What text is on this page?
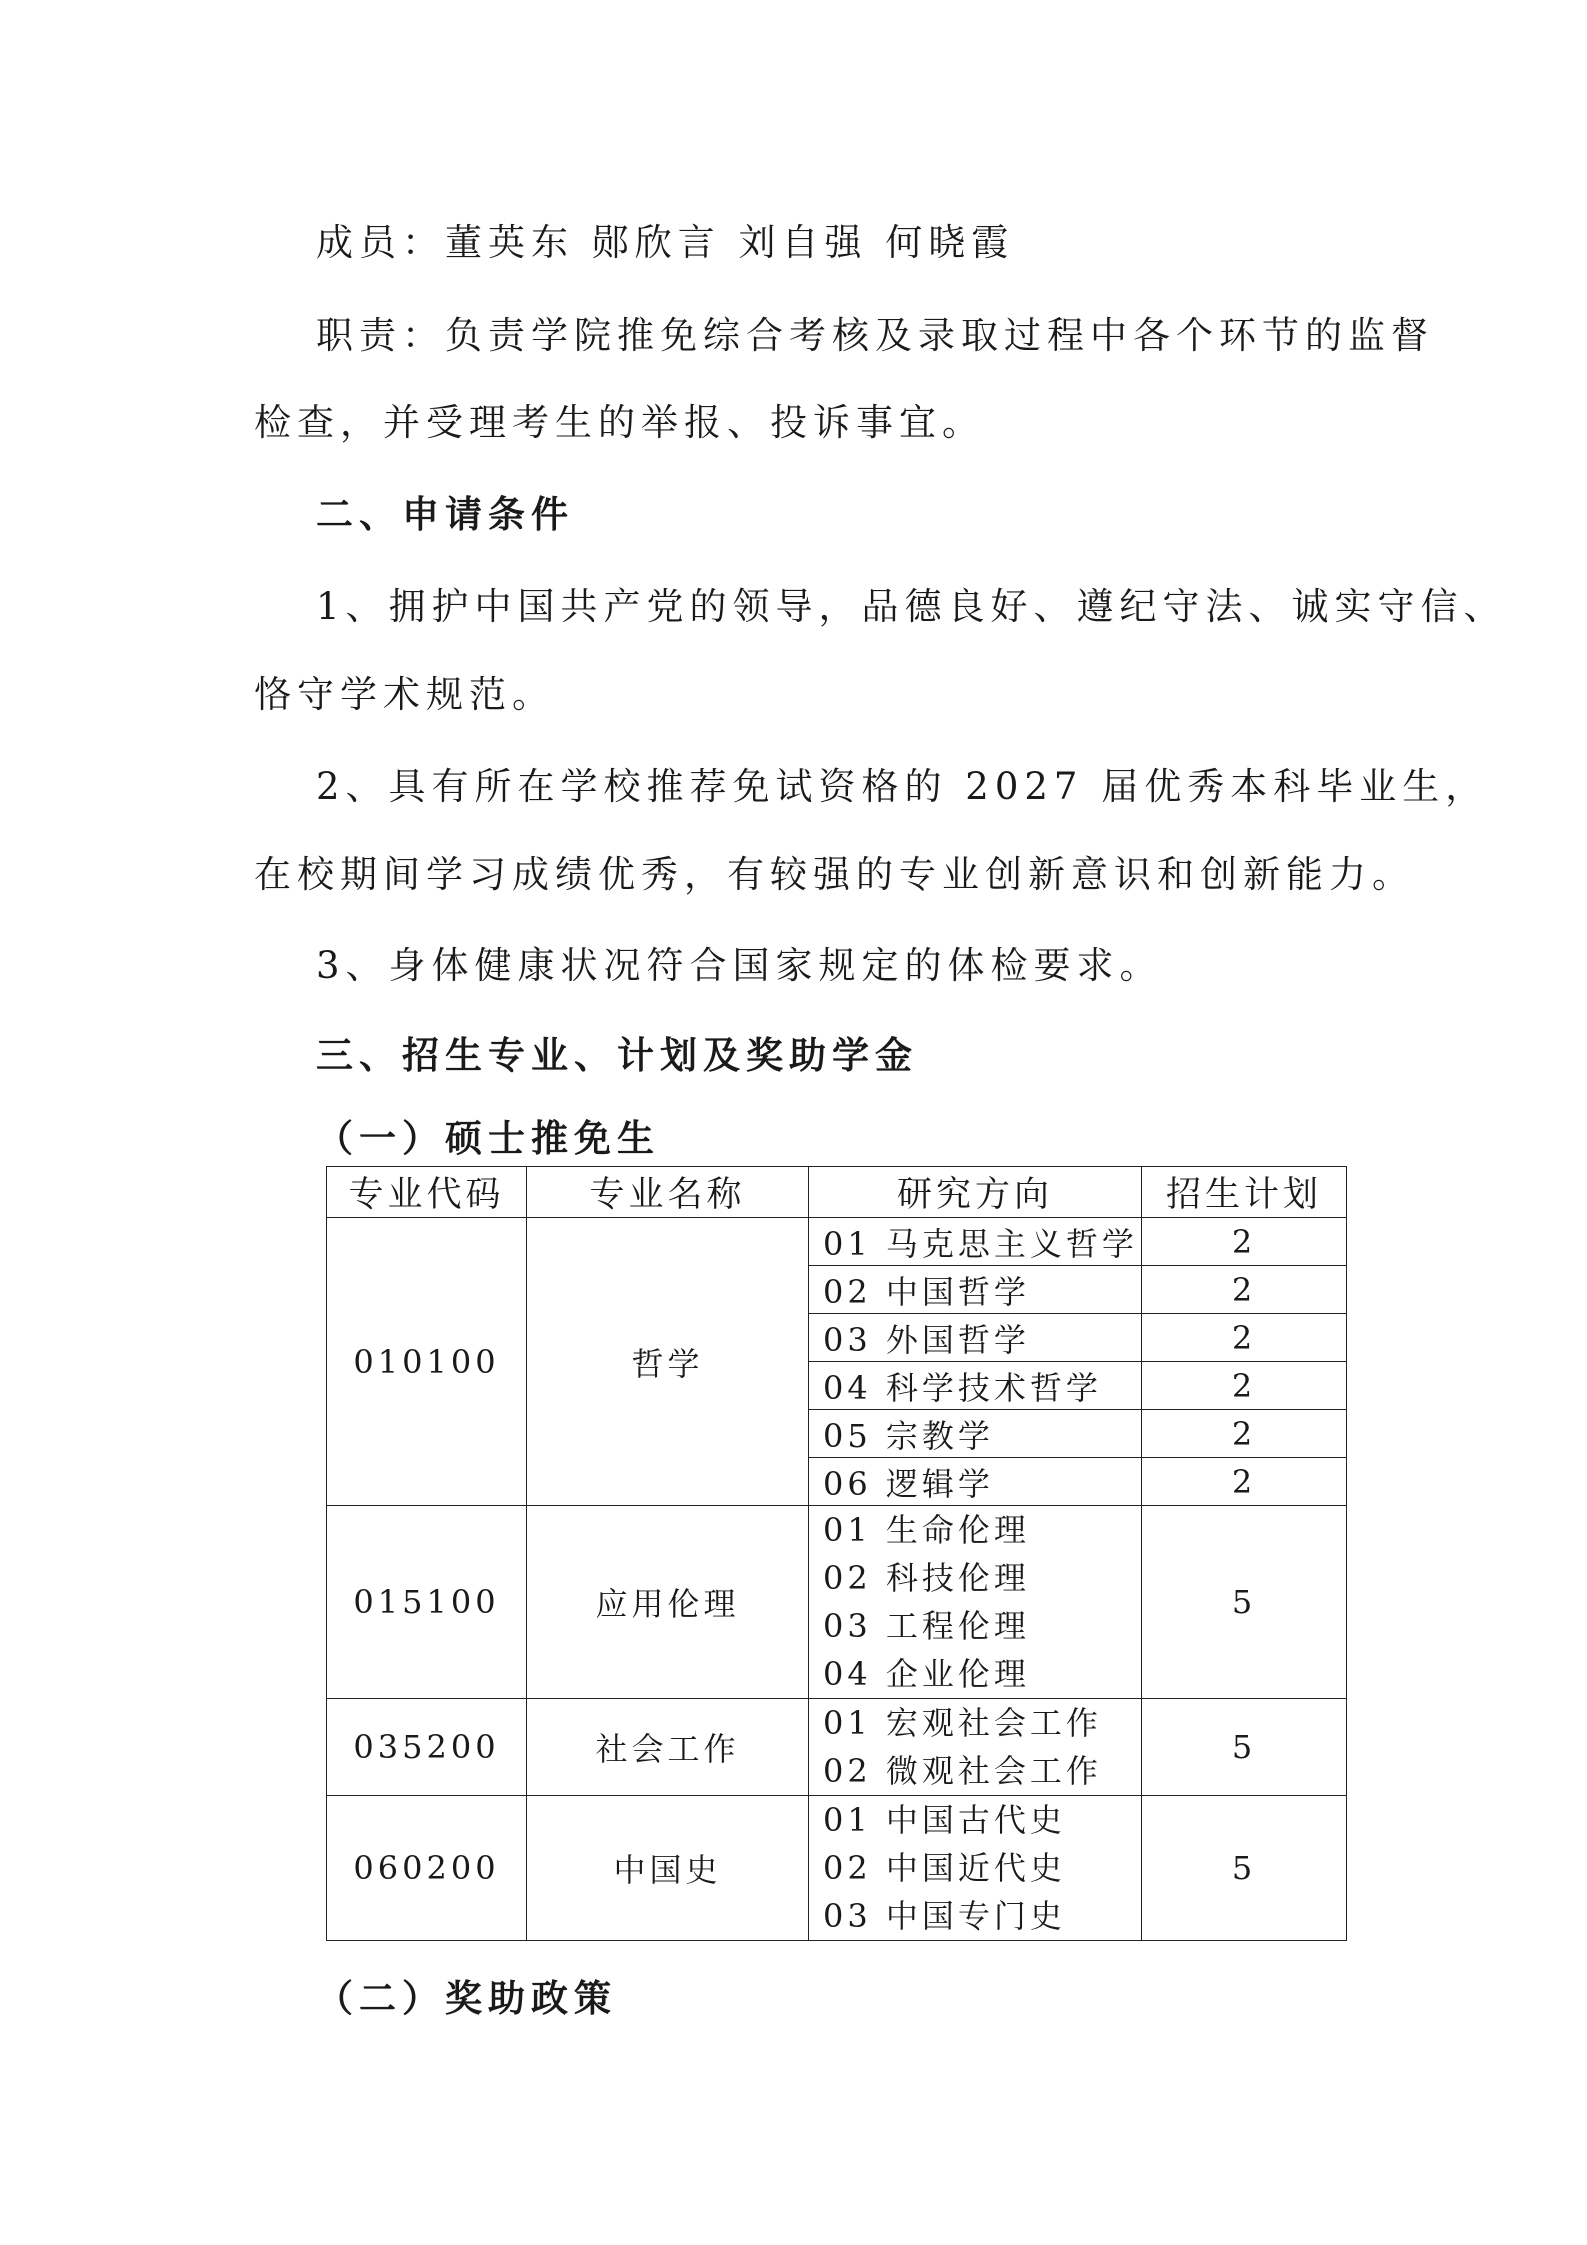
成员：董英东 郧欣言 刘自强 何晓霞
职责：负责学院推免综合考核及录取过程中各个环节的监督
检查，并受理考生的举报、投诉事宜。
二、申请条件
1、拥护中国共产党的领导，品德良好、遵纪守法、诚实守信、
恪守学术规范。
2、具有所在学校推荐免试资格的 2027 届优秀本科毕业生，
在校期间学习成绩优秀，有较强的专业创新意识和创新能力。
3、身体健康状况符合国家规定的体检要求。
三、招生专业、计划及奖助学金
（一）硕士推免生
专业代码	专业名称	研究方向	招生计划
010100	哲学	01 马克思主义哲学	2
		02 中国哲学	2
		03 外国哲学	2
		04 科学技术哲学	2
		05 宗教学	2
		06 逻辑学	2
015100	应用伦理	01 生命伦理
02 科技伦理
03 工程伦理
04 企业伦理	5
035200	社会工作	01 宏观社会工作
02 微观社会工作	5
060200	中国史	01 中国古代史
02 中国近代史
03 中国专门史	5
（二）奖助政策
